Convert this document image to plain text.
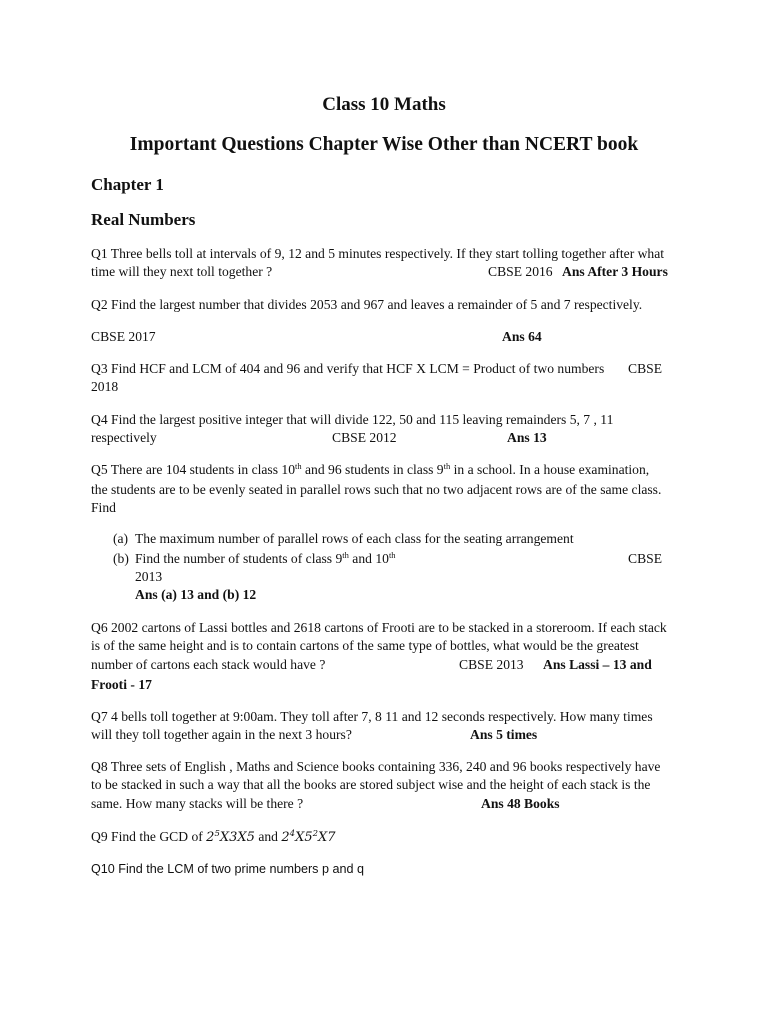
Class 10 Maths
Important Questions Chapter Wise Other than NCERT book
Chapter 1
Real Numbers
Q1 Three bells toll at intervals of 9, 12 and 5 minutes respectively. If they start tolling together after what
time will they next toll together ?	CBSE 2016 Ans After 3 Hours
Q2 Find the largest number that divides 2053 and 967 and leaves a remainder of 5 and 7 respectively.
CBSE 2017	Ans 64
Q3 Find HCF and LCM of 404 and 96 and verify that HCF X LCM = Product of two numbers CBSE
2018
Q4 Find the largest positive integer that will divide 122, 50 and 115 leaving remainders 5, 7 , 11
respectively	CBSE 2012	Ans 13
Q5 There are 104 students in class 10th and 96 students in class 9th in a school. In a house examination,
the students are to be evenly seated in parallel rows such that no two adjacent rows are of the same class.
Find
(a) The maximum number of parallel rows of each class for the seating arrangement
(b) Find the number of students of class 9th and 10th	CBSE
2013
Ans (a) 13 and (b) 12
Q6 2002 cartons of Lassi bottles and 2618 cartons of Frooti are to be stacked in a storeroom. If each stack
is of the same height and is to contain cartons of the same type of bottles, what would be the greatest
number of cartons each stack would have ?	CBSE 2013 Ans Lassi – 13 and
Frooti - 17
Q7 4 bells toll together at 9:00am. They toll after 7, 8 11 and 12 seconds respectively. How many times
will they toll together again in the next 3 hours?	Ans 5 times
Q8 Three sets of English , Maths and Science books containing 336, 240 and 96 books respectively have
to be stacked in such a way that all the books are stored subject wise and the height of each stack is the
same. How many stacks will be there ?	Ans 48 Books
Q9 Find the GCD of $2^5X3X5$ and $2^4X5^2X7$
Q10 Find the LCM of two prime numbers p and q
